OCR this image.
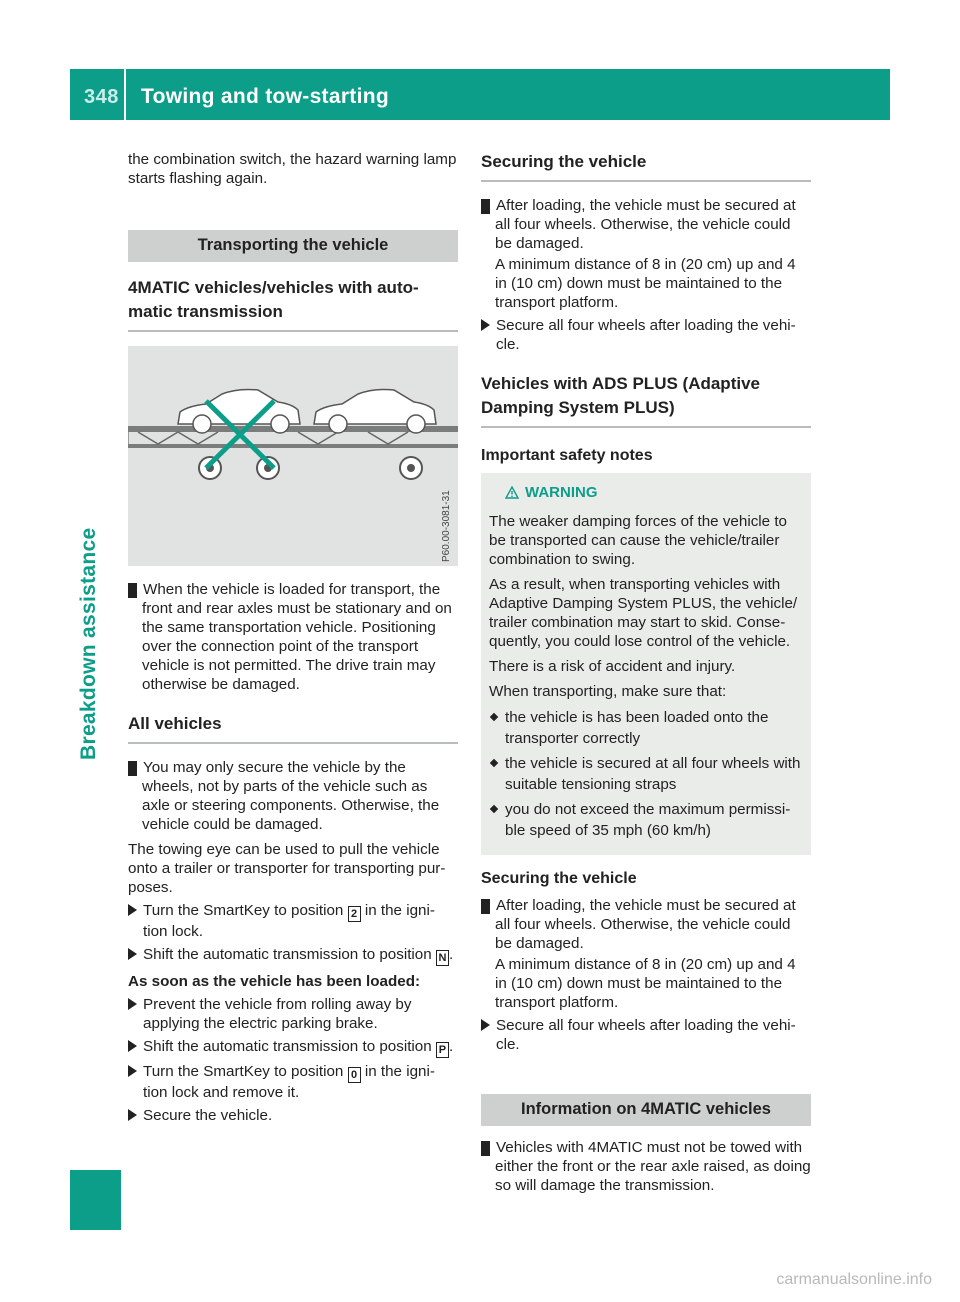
348 Towing and tow-starting
Breakdown assistance

the combination switch, the hazard warning lamp starts flashing again.

Transporting the vehicle
4MATIC vehicles/vehicles with auto-matic transmission
P60.00-3081-31

! When the vehicle is loaded for transport, the front and rear axles must be stationary and on the same transportation vehicle. Positioning over the connection point of the transport vehicle is not permitted. The drive train may otherwise be damaged.

All vehicles

! You may only secure the vehicle by the wheels, not by parts of the vehicle such as axle or steering components. Otherwise, the vehicle could be damaged.

The towing eye can be used to pull the vehicle onto a trailer or transporter for transporting pur-poses.

Turn the SmartKey to position 2 in the igni-tion lock.
Shift the automatic transmission to position N .

As soon as the vehicle has been loaded:

Prevent the vehicle from rolling away by applying the electric parking brake.
Shift the automatic transmission to position P .
Turn the SmartKey to position 0 in the igni-tion lock and remove it.
Secure the vehicle.
Securing the vehicle

! After loading, the vehicle must be secured at all four wheels. Otherwise, the vehicle could be damaged.

A minimum distance of 8 in (20 cm) up and 4 in (10 cm) down must be maintained to the transport platform.

Secure all four wheels after loading the vehi-cle.
Vehicles with ADS PLUS (Adaptive Damping System PLUS)
Important safety notes
WARNING

The weaker damping forces of the vehicle to be transported can cause the vehicle/trailer combination to swing.

As a result, when transporting vehicles with Adaptive Damping System PLUS, the vehicle/ trailer combination may start to skid. Conse-quently, you could lose control of the vehicle.

There is a risk of accident and injury.

When transporting, make sure that:

the vehicle is has been loaded onto the transporter correctly
the vehicle is secured at all four wheels with suitable tensioning straps
you do not exceed the maximum permissi-ble speed of 35 mph (60 km/h)
Securing the vehicle

! After loading, the vehicle must be secured at all four wheels. Otherwise, the vehicle could be damaged.

A minimum distance of 8 in (20 cm) up and 4 in (10 cm) down must be maintained to the transport platform.

Secure all four wheels after loading the vehi-cle.
Information on 4MATIC vehicles

! Vehicles with 4MATIC must not be towed with either the front or the rear axle raised, as doing so will damage the transmission.

carmanualsonline.info
